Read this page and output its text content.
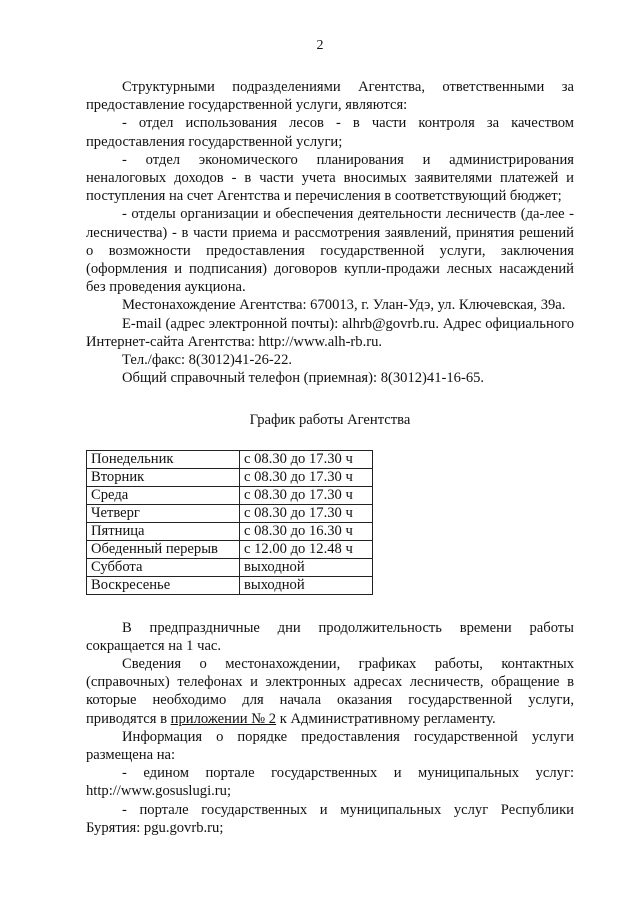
2

Структурными подразделениями Агентства, ответственными за предоставление государственной услуги, являются:

- отдел использования лесов - в части контроля за качеством предоставления государственной услуги;

- отдел экономического планирования и администрирования неналоговых доходов - в части учета вносимых заявителями платежей и поступления на счет Агентства и перечисления в соответствующий бюджет;

- отделы организации и обеспечения деятельности лесничеств (да-лее - лесничества) - в части приема и рассмотрения заявлений, принятия решений о возможности предоставления государственной услуги, заключения (оформления и подписания) договоров купли-продажи лесных насаждений без проведения аукциона.

Местонахождение Агентства: 670013, г. Улан-Удэ, ул. Ключевская, 39а.

E-mail (адрес электронной почты): alhrb@govrb.ru. Адрес официального Интернет-сайта Агентства: http://www.alh-rb.ru.

Тел./факс: 8(3012)41-26-22.

Общий справочный телефон (приемная): 8(3012)41-16-65.

График работы Агентства
Понедельник	с 08.30 до 17.30 ч
Вторник	с 08.30 до 17.30 ч
Среда	с 08.30 до 17.30 ч
Четверг	с 08.30 до 17.30 ч
Пятница	с 08.30 до 16.30 ч
Обеденный перерыв	с 12.00 до 12.48 ч
Суббота	выходной
Воскресенье	выходной

В предпраздничные дни продолжительность времени работы сокращается на 1 час.

Сведения о местонахождении, графиках работы, контактных (справочных) телефонах и электронных адресах лесничеств, обращение в которые необходимо для начала оказания государственной услуги, приводятся в приложении № 2 к Административному регламенту.

Информация о порядке предоставления государственной услуги размещена на:

- едином портале государственных и муниципальных услуг: http://www.gosuslugi.ru;

- портале государственных и муниципальных услуг Республики Бурятия: pgu.govrb.ru;
